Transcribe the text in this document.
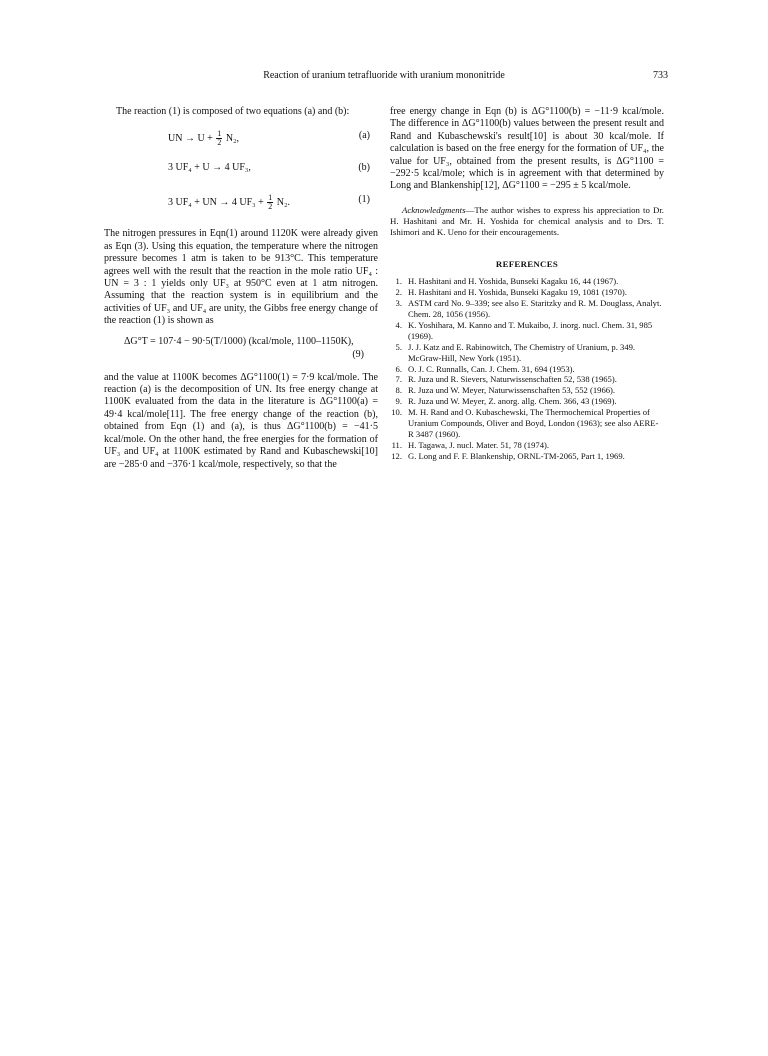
Reaction of uranium tetrafluoride with uranium mononitride	733

The reaction (1) is composed of two equations (a) and (b):

UN → $U + \frac{1}{2} N_2$,	(a)
3 UF₄ + U → 4 UF₃,	(b)
3 UF₄ + UN → 4 $UF_3 + \frac{1}{2} N_2$.	(1)

The nitrogen pressures in Eqn(1) around 1120K were already given as Eqn (3). Using this equation, the temperature where the nitrogen pressure becomes 1 atm is taken to be 913°C. This temperature agrees well with the result that the reaction in the mole ratio UF₄ : UN = 3 : 1 yields only UF₃ at 950°C even at 1 atm nitrogen. Assuming that the reaction system is in equilibrium and the activities of UF₃ and UF₄ are unity, the Gibbs free energy change of the reaction (1) is shown as

ΔG°T = 107·4 − 90·5(T/1000) (kcal/mole, 1100–1150K),
(9)

and the value at 1100K becomes ΔG°1100(1) = 7·9 kcal/mole. The reaction (a) is the decomposition of UN. Its free energy change at 1100K evaluated from the data in the literature is ΔG°1100(a) = 49·4 kcal/mole[11]. The free energy change of the reaction (b), obtained from Eqn (1) and (a), is thus ΔG°1100(b) = −41·5 kcal/mole. On the other hand, the free energies for the formation of UF₃ and UF₄ at 1100K estimated by Rand and Kubaschewski[10] are −285·0 and −376·1 kcal/mole, respectively, so that the

free energy change in Eqn (b) is ΔG°1100(b) = −11·9 kcal/mole. The difference in ΔG°1100(b) values between the present result and Rand and Kubaschewski's result[10] is about 30 kcal/mole. If calculation is based on the free energy for the formation of UF₄, the value for UF₃, obtained from the present results, is ΔG°1100 = −292·5 kcal/mole; which is in agreement with that determined by Long and Blankenship[12], ΔG°1100 = −295 ± 5 kcal/mole.

Acknowledgments—The author wishes to express his appreciation to Dr. H. Hashitani and Mr. H. Yoshida for chemical analysis and to Drs. T. Ishimori and K. Ueno for their encouragements.

REFERENCES
1. H. Hashitani and H. Yoshida, Bunseki Kagaku 16, 44 (1967).
2. H. Hashitani and H. Yoshida, Bunseki Kagaku 19, 1081 (1970).
3. ASTM card No. 9–339; see also E. Staritzky and R. M. Douglass, Analyt. Chem. 28, 1056 (1956).
4. K. Yoshihara, M. Kanno and T. Mukaibo, J. inorg. nucl. Chem. 31, 985 (1969).
5. J. J. Katz and E. Rabinowitch, The Chemistry of Uranium, p. 349. McGraw-Hill, New York (1951).
6. O. J. C. Runnalls, Can. J. Chem. 31, 694 (1953).
7. R. Juza und R. Sievers, Naturwissenschaften 52, 538 (1965).
8. R. Juza und W. Meyer, Naturwissenschaften 53, 552 (1966).
9. R. Juza und W. Meyer, Z. anorg. allg. Chem. 366, 43 (1969).
10. M. H. Rand and O. Kubaschewski, The Thermochemical Properties of Uranium Compounds, Oliver and Boyd, London (1963); see also AERE-R 3487 (1960).
11. H. Tagawa, J. nucl. Mater. 51, 78 (1974).
12. G. Long and F. F. Blankenship, ORNL-TM-2065, Part 1, 1969.
